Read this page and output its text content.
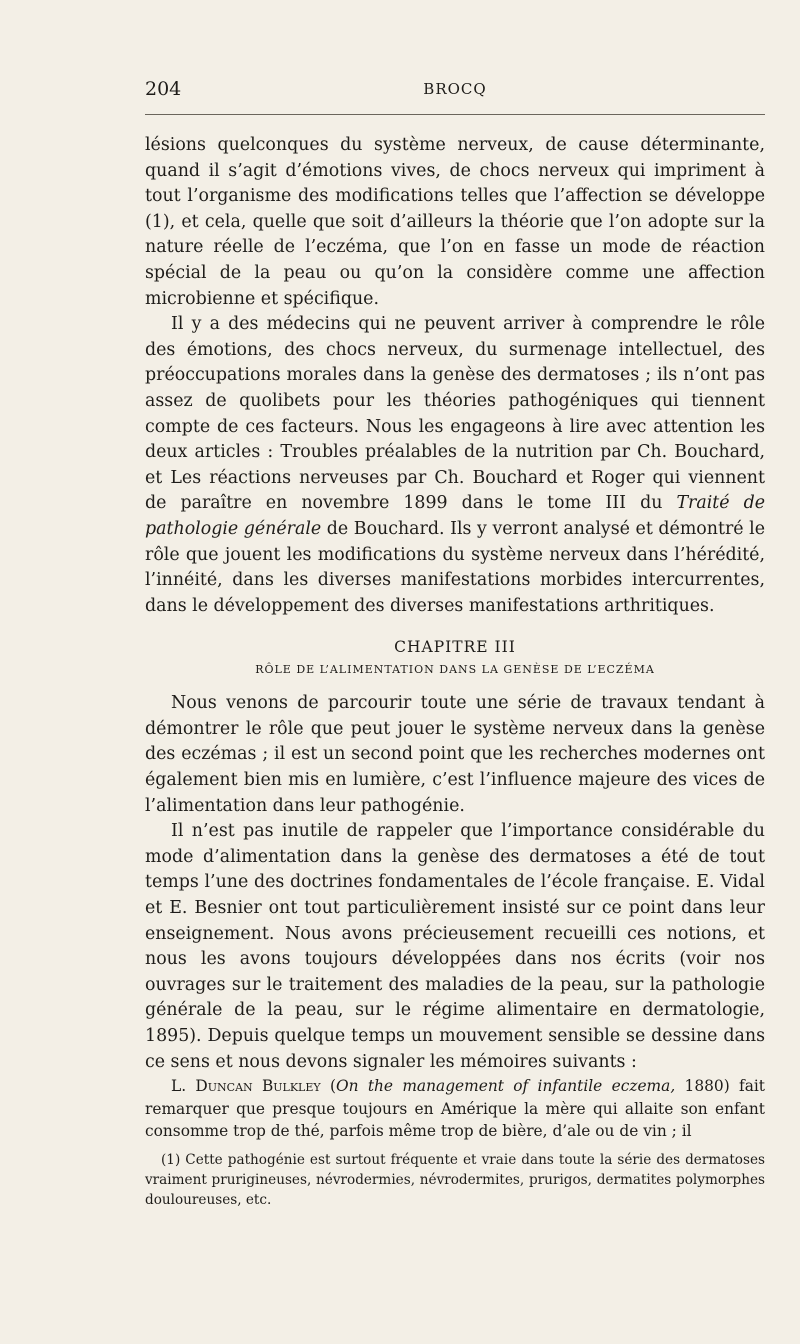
204	BROCQ

lésions quelconques du système nerveux, de cause déterminante, quand il s’agit d’émotions vives, de chocs nerveux qui impriment à tout l’organisme des modifications telles que l’affection se développe (1), et cela, quelle que soit d’ailleurs la théorie que l’on adopte sur la nature réelle de l’eczéma, que l’on en fasse un mode de réaction spécial de la peau ou qu’on la considère comme une affection microbienne et spécifique.

Il y a des médecins qui ne peuvent arriver à comprendre le rôle des émotions, des chocs nerveux, du surmenage intellectuel, des préoccupations morales dans la genèse des dermatoses ; ils n’ont pas assez de quolibets pour les théories pathogéniques qui tiennent compte de ces facteurs. Nous les engageons à lire avec attention les deux articles : Troubles préalables de la nutrition par Ch. Bouchard, et Les réactions nerveuses par Ch. Bouchard et Roger qui viennent de paraître en novembre 1899 dans le tome III du Traité de pathologie générale de Bouchard. Ils y verront analysé et démontré le rôle que jouent les modifications du système nerveux dans l’hérédité, l’innéité, dans les diverses manifestations morbides intercurrentes, dans le développement des diverses manifestations arthritiques.

CHAPITRE III
RÔLE DE L’ALIMENTATION DANS LA GENÈSE DE L’ECZÉMA

Nous venons de parcourir toute une série de travaux tendant à démontrer le rôle que peut jouer le système nerveux dans la genèse des eczémas ; il est un second point que les recherches modernes ont également bien mis en lumière, c’est l’influence majeure des vices de l’alimentation dans leur pathogénie.

Il n’est pas inutile de rappeler que l’importance considérable du mode d’alimentation dans la genèse des dermatoses a été de tout temps l’une des doctrines fondamentales de l’école française. E. Vidal et E. Besnier ont tout particulièrement insisté sur ce point dans leur enseignement. Nous avons précieusement recueilli ces notions, et nous les avons toujours développées dans nos écrits (voir nos ouvrages sur le traitement des maladies de la peau, sur la pathologie générale de la peau, sur le régime alimentaire en dermatologie, 1895). Depuis quelque temps un mouvement sensible se dessine dans ce sens et nous devons signaler les mémoires suivants :

L. Duncan Bulkley (On the management of infantile eczema, 1880) fait remarquer que presque toujours en Amérique la mère qui allaite son enfant consomme trop de thé, parfois même trop de bière, d’ale ou de vin ; il

(1) Cette pathogénie est surtout fréquente et vraie dans toute la série des dermatoses vraiment prurigineuses, névrodermies, névrodermites, prurigos, dermatites polymorphes douloureuses, etc.
